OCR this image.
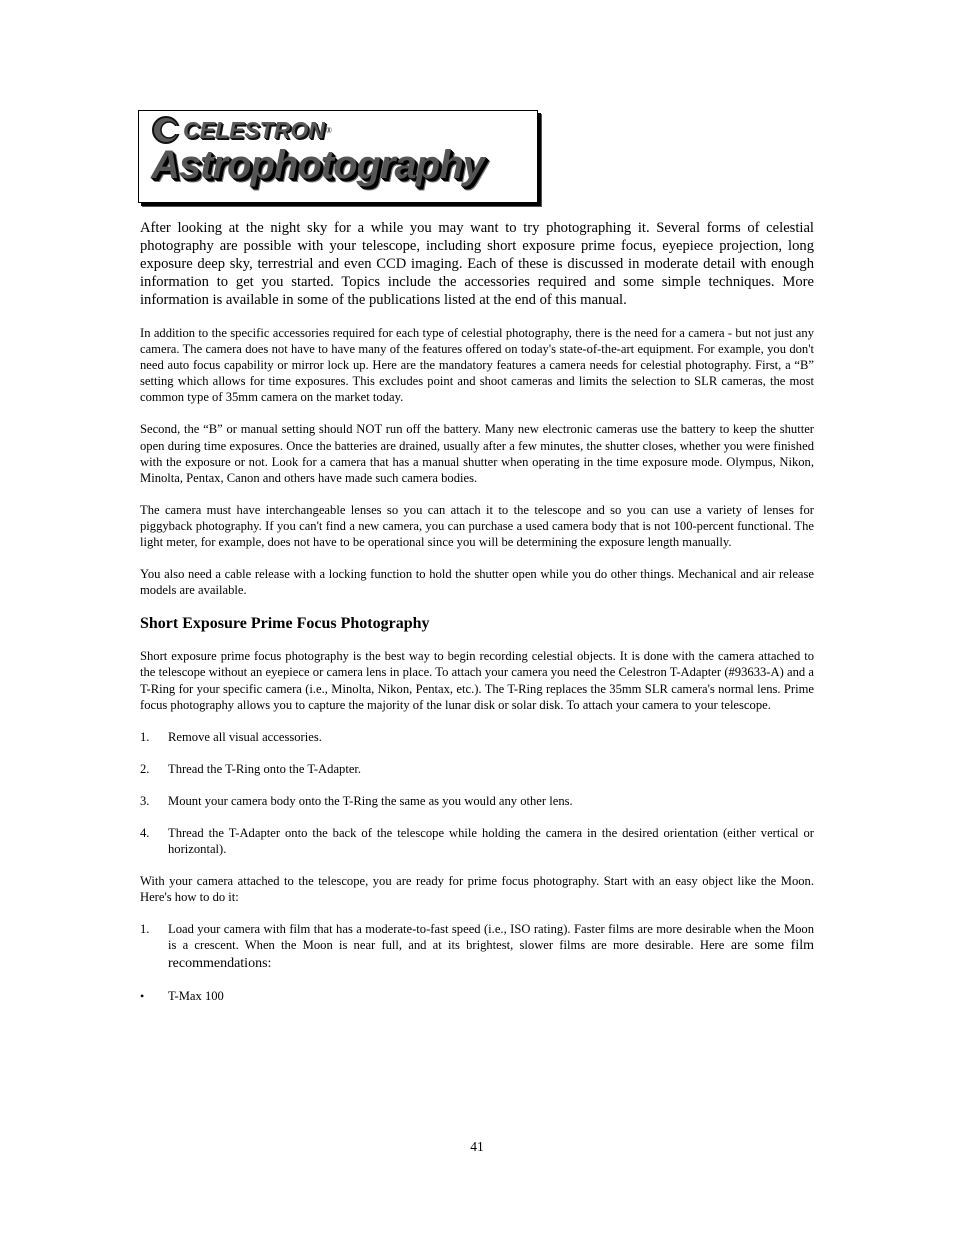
CELESTRON ®
Astrophotography

After looking at the night sky for a while you may want to try photographing it. Several forms of celestial photography are possible with your telescope, including short exposure prime focus, eyepiece projection, long exposure deep sky, terrestrial and even CCD imaging. Each of these is discussed in moderate detail with enough information to get you started. Topics include the accessories required and some simple techniques. More information is available in some of the publications listed at the end of this manual.

In addition to the specific accessories required for each type of celestial photography, there is the need for a camera - but not just any camera. The camera does not have to have many of the features offered on today's state-of-the-art equipment. For example, you don't need auto focus capability or mirror lock up. Here are the mandatory features a camera needs for celestial photography. First, a “B” setting which allows for time exposures. This excludes point and shoot cameras and limits the selection to SLR cameras, the most common type of 35mm camera on the market today.

Second, the “B” or manual setting should NOT run off the battery. Many new electronic cameras use the battery to keep the shutter open during time exposures. Once the batteries are drained, usually after a few minutes, the shutter closes, whether you were finished with the exposure or not. Look for a camera that has a manual shutter when operating in the time exposure mode. Olympus, Nikon, Minolta, Pentax, Canon and others have made such camera bodies.

The camera must have interchangeable lenses so you can attach it to the telescope and so you can use a variety of lenses for piggyback photography. If you can't find a new camera, you can purchase a used camera body that is not 100-percent functional. The light meter, for example, does not have to be operational since you will be determining the exposure length manually.

You also need a cable release with a locking function to hold the shutter open while you do other things. Mechanical and air release models are available.

Short Exposure Prime Focus Photography

Short exposure prime focus photography is the best way to begin recording celestial objects. It is done with the camera attached to the telescope without an eyepiece or camera lens in place. To attach your camera you need the Celestron T-Adapter (#93633-A) and a T-Ring for your specific camera (i.e., Minolta, Nikon, Pentax, etc.). The T-Ring replaces the 35mm SLR camera's normal lens. Prime focus photography allows you to capture the majority of the lunar disk or solar disk. To attach your camera to your telescope.

1.	Remove all visual accessories.
2.	Thread the T-Ring onto the T-Adapter.
3.	Mount your camera body onto the T-Ring the same as you would any other lens.
4.	Thread the T-Adapter onto the back of the telescope while holding the camera in the desired orientation (either vertical or horizontal).

With your camera attached to the telescope, you are ready for prime focus photography. Start with an easy object like the Moon. Here's how to do it:

1.	Load your camera with film that has a moderate-to-fast speed (i.e., ISO rating). Faster films are more desirable when the Moon is a crescent. When the Moon is near full, and at its brightest, slower films are more desirable. Here are some film recommendations:
•	T-Max 100
41
